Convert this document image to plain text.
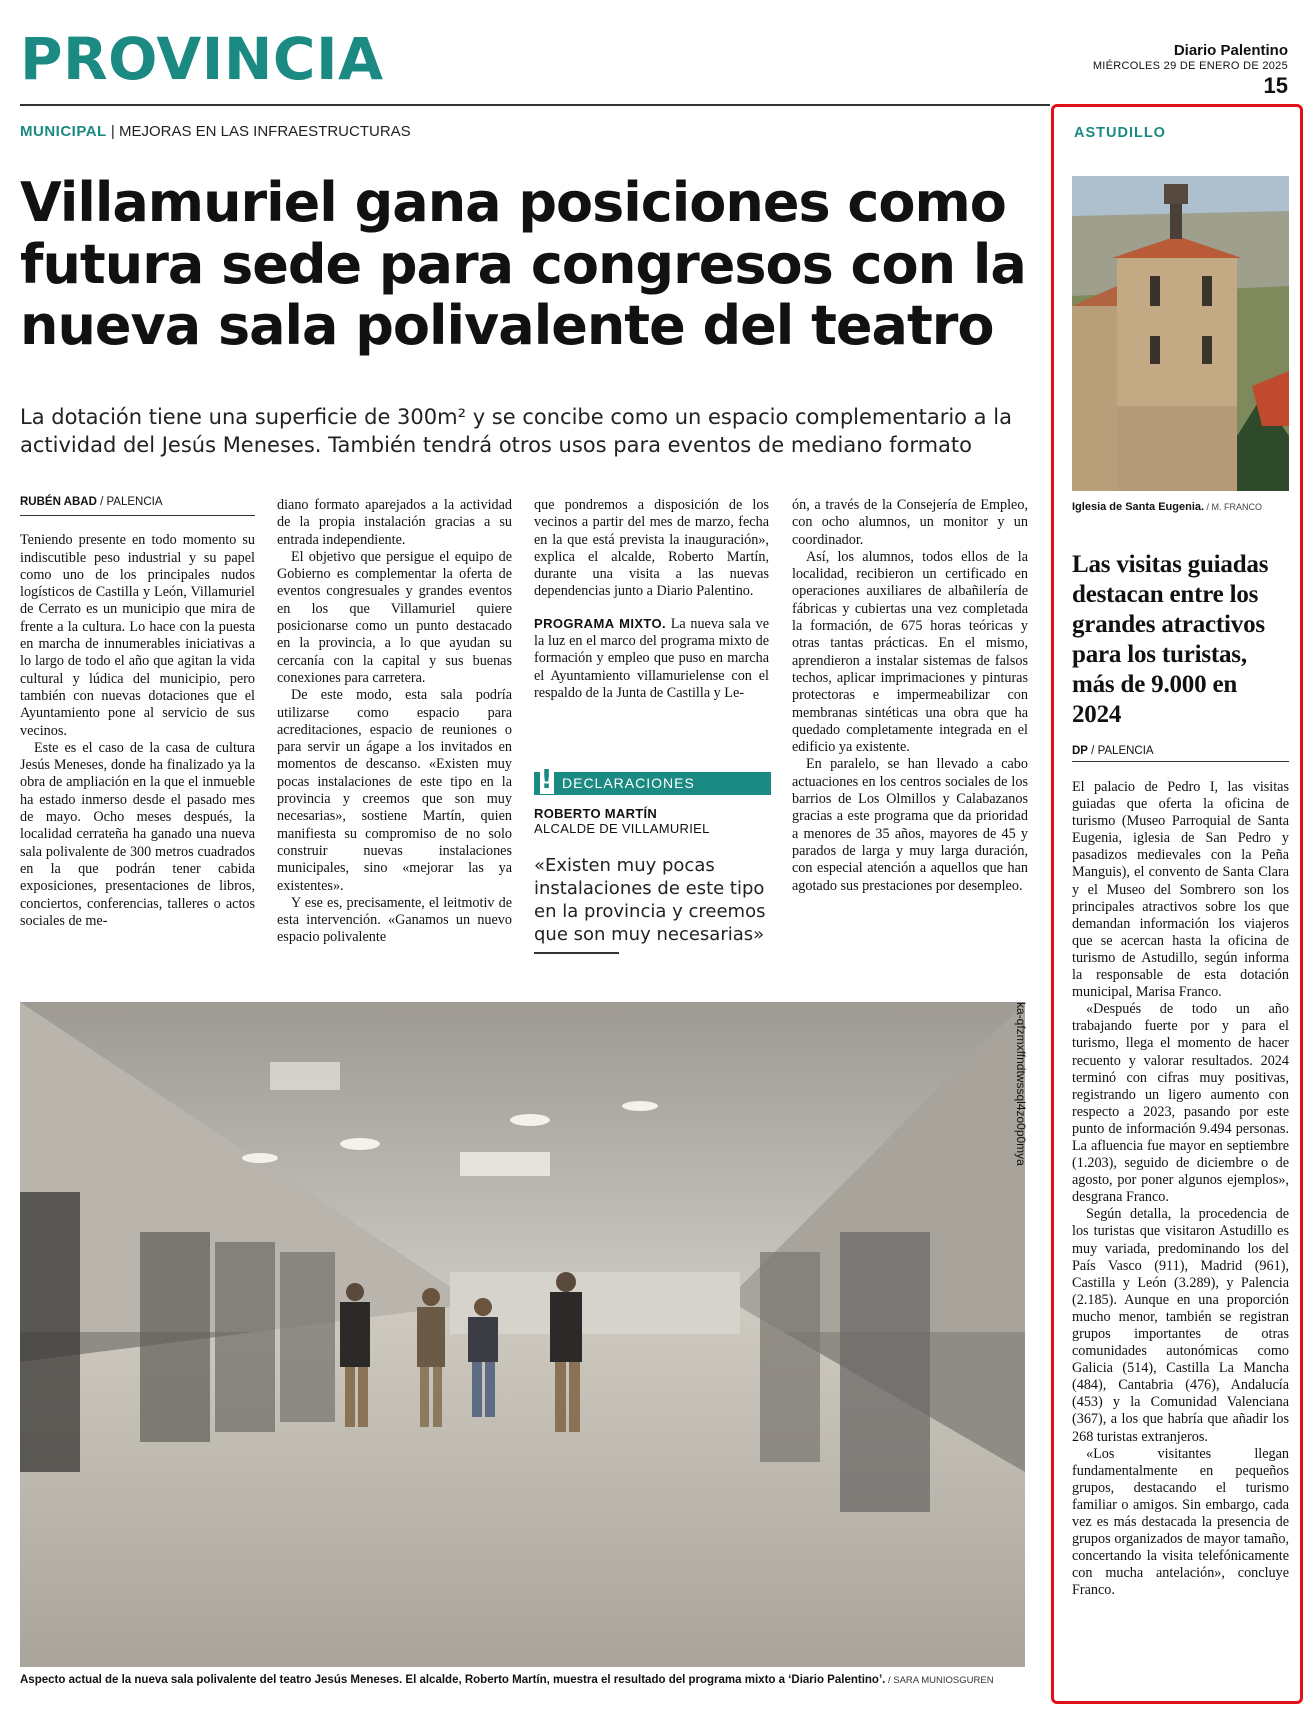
PROVINCIA	Diario Palentino
MIÉRCOLES 29 DE ENERO DE 2025
15
MUNICIPAL | MEJORAS EN LAS INFRAESTRUCTURAS
Villamuriel gana posiciones como futura sede para congresos con la nueva sala polivalente del teatro
La dotación tiene una superficie de 300m² y se concibe como un espacio complementario a la actividad del Jesús Meneses. También tendrá otros usos para eventos de mediano formato
RUBÉN ABAD / PALENCIA

Teniendo presente en todo momento su indiscutible peso industrial y su papel como uno de los principales nudos logísticos de Castilla y León, Villamuriel de Cerrato es un municipio que mira de frente a la cultura. Lo hace con la puesta en marcha de innumerables iniciativas a lo largo de todo el año que agitan la vida cultural y lúdica del municipio, pero también con nuevas dotaciones que el Ayuntamiento pone al servicio de sus vecinos.

Este es el caso de la casa de cultura Jesús Meneses, donde ha finalizado ya la obra de ampliación en la que el inmueble ha estado inmerso desde el pasado mes de mayo. Ocho meses después, la localidad cerrateña ha ganado una nueva sala polivalente de 300 metros cuadrados en la que podrán tener cabida exposiciones, presentaciones de libros, conciertos, conferencias, talleres o actos sociales de me-

diano formato aparejados a la actividad de la propia instalación gracias a su entrada independiente.

El objetivo que persigue el equipo de Gobierno es complementar la oferta de eventos congresuales y grandes eventos en los que Villamuriel quiere posicionarse como un punto destacado en la provincia, a lo que ayudan su cercanía con la capital y sus buenas conexiones para carretera.

De este modo, esta sala podría utilizarse como espacio para acreditaciones, espacio de reuniones o para servir un ágape a los invitados en momentos de descanso. «Existen muy pocas instalaciones de este tipo en la provincia y creemos que son muy necesarias», sostiene Martín, quien manifiesta su compromiso de no solo construir nuevas instalaciones municipales, sino «mejorar las ya existentes».

Y ese es, precisamente, el leitmotiv de esta intervención. «Ganamos un nuevo espacio polivalente

que pondremos a disposición de los vecinos a partir del mes de marzo, fecha en la que está prevista la inauguración», explica el alcalde, Roberto Martín, durante una visita a las nuevas dependencias junto a Diario Palentino.

PROGRAMA MIXTO. La nueva sala ve la luz en el marco del programa mixto de formación y empleo que puso en marcha el Ayuntamiento villamurielense con el respaldo de la Junta de Castilla y Le-

! DECLARACIONES
ROBERTO MARTÍN
ALCALDE DE VILLAMURIEL
«Existen muy pocas instalaciones de este tipo en la provincia y creemos que son muy necesarias»

ón, a través de la Consejería de Empleo, con ocho alumnos, un monitor y un coordinador.

Así, los alumnos, todos ellos de la localidad, recibieron un certificado en operaciones auxiliares de albañilería de fábricas y cubiertas una vez completada la formación, de 675 horas teóricas y otras tantas prácticas. En el mismo, aprendieron a instalar sistemas de falsos techos, aplicar imprimaciones y pinturas protectoras e impermeabilizar con membranas sintéticas una obra que ha quedado completamente integrada en el edificio ya existente.

En paralelo, se han llevado a cabo actuaciones en los centros sociales de los barrios de Los Olmillos y Calabazanos gracias a este programa que da prioridad a menores de 35 años, mayores de 45 y parados de larga y muy larga duración, con especial atención a aquellos que han agotado sus prestaciones por desempleo.

ka-qfzmxffndtwssql4zo0p0mya
Aspecto actual de la nueva sala polivalente del teatro Jesús Meneses. El alcalde, Roberto Martín, muestra el resultado del programa mixto a ‘Diario Palentino’. / SARA MUNIOSGUREN
ASTUDILLO
Iglesia de Santa Eugenia. / M. FRANCO
Las visitas guiadas destacan entre los grandes atractivos para los turistas, más de 9.000 en 2024
DP / PALENCIA

El palacio de Pedro I, las visitas guiadas que oferta la oficina de turismo (Museo Parroquial de Santa Eugenia, iglesia de San Pedro y pasadizos medievales con la Peña Manguis), el convento de Santa Clara y el Museo del Sombrero son los principales atractivos sobre los que demandan información los viajeros que se acercan hasta la oficina de turismo de Astudillo, según informa la responsable de esta dotación municipal, Marisa Franco.

«Después de todo un año trabajando fuerte por y para el turismo, llega el momento de hacer recuento y valorar resultados. 2024 terminó con cifras muy positivas, registrando un ligero aumento con respecto a 2023, pasando por este punto de información 9.494 personas. La afluencia fue mayor en septiembre (1.203), seguido de diciembre o de agosto, por poner algunos ejemplos», desgrana Franco.

Según detalla, la procedencia de los turistas que visitaron Astudillo es muy variada, predominando los del País Vasco (911), Madrid (961), Castilla y León (3.289), y Palencia (2.185). Aunque en una proporción mucho menor, también se registran grupos importantes de otras comunidades autonómicas como Galicia (514), Castilla La Mancha (484), Cantabria (476), Andalucía (453) y la Comunidad Valenciana (367), a los que habría que añadir los 268 turistas extranjeros.

«Los visitantes llegan fundamentalmente en pequeños grupos, destacando el turismo familiar o amigos. Sin embargo, cada vez es más destacada la presencia de grupos organizados de mayor tamaño, concertando la visita telefónicamente con mucha antelación», concluye Franco.
